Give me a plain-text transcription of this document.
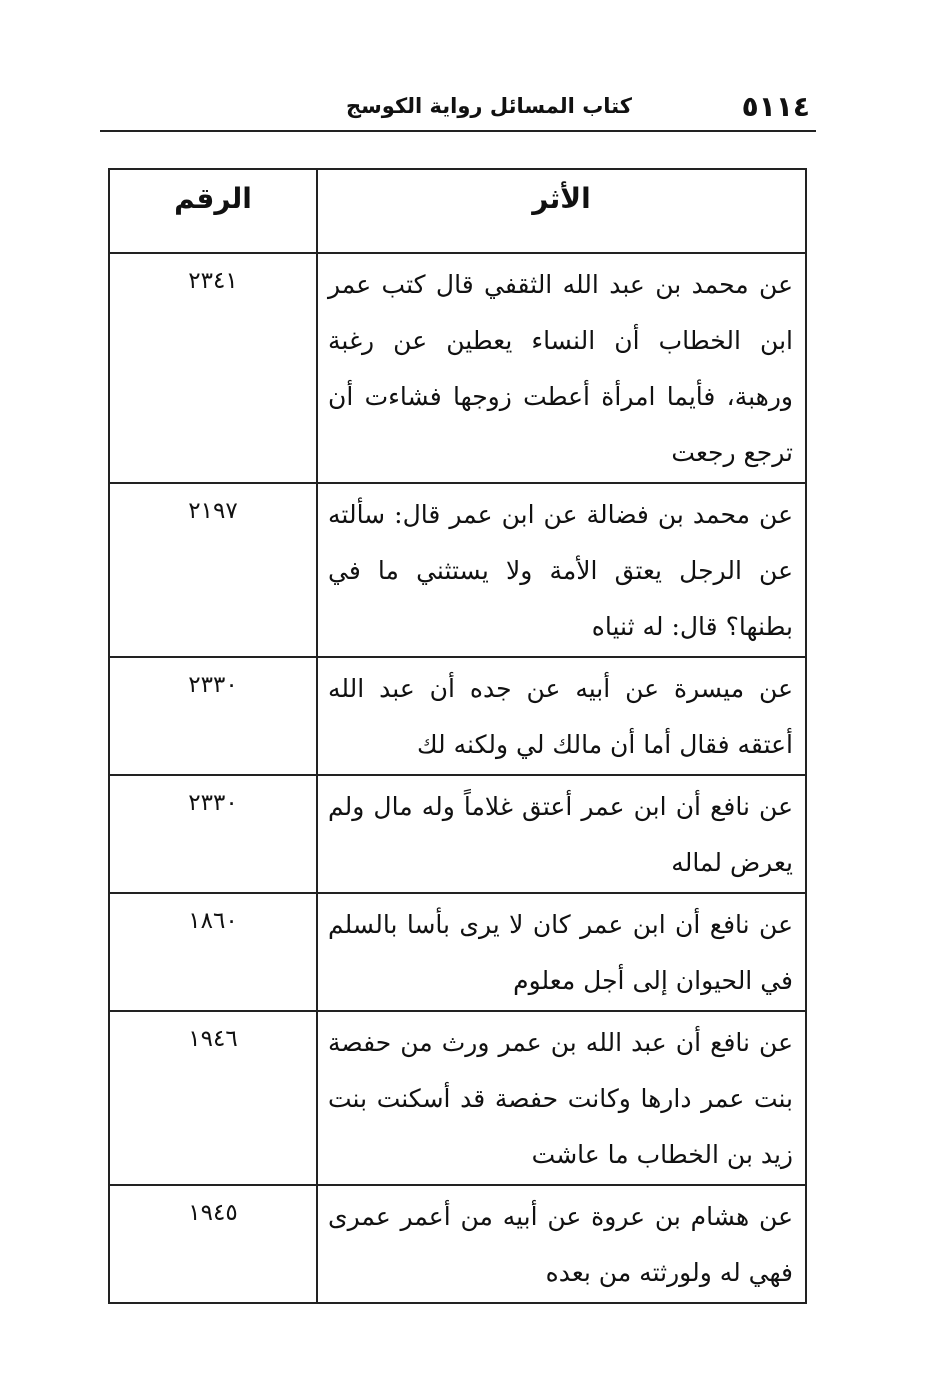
٥١١٤
كتاب المسائل رواية الكوسج
الأثر	الرقم
عن محمد بن عبد الله الثقفي قال كتب عمر ابن الخطاب أن النساء يعطين عن رغبة ورهبة، فأيما امرأة أعطت زوجها فشاءت أن ترجع رجعت	٢٣٤١
عن محمد بن فضالة عن ابن عمر قال: سألته عن الرجل يعتق الأمة ولا يستثني ما في بطنها؟ قال: له ثنياه	٢١٩٧
عن ميسرة عن أبيه عن جده أن عبد الله أعتقه فقال أما أن مالك لي ولكنه لك	٢٣٣٠
عن نافع أن ابن عمر أعتق غلاماً وله مال ولم يعرض لماله	٢٣٣٠
عن نافع أن ابن عمر كان لا يرى بأسا بالسلم في الحيوان إلى أجل معلوم	١٨٦٠
عن نافع أن عبد الله بن عمر ورث من حفصة بنت عمر دارها وكانت حفصة قد أسكنت بنت زيد بن الخطاب ما عاشت	١٩٤٦
عن هشام بن عروة عن أبيه من أعمر عمرى فهي له ولورثته من بعده	١٩٤٥
